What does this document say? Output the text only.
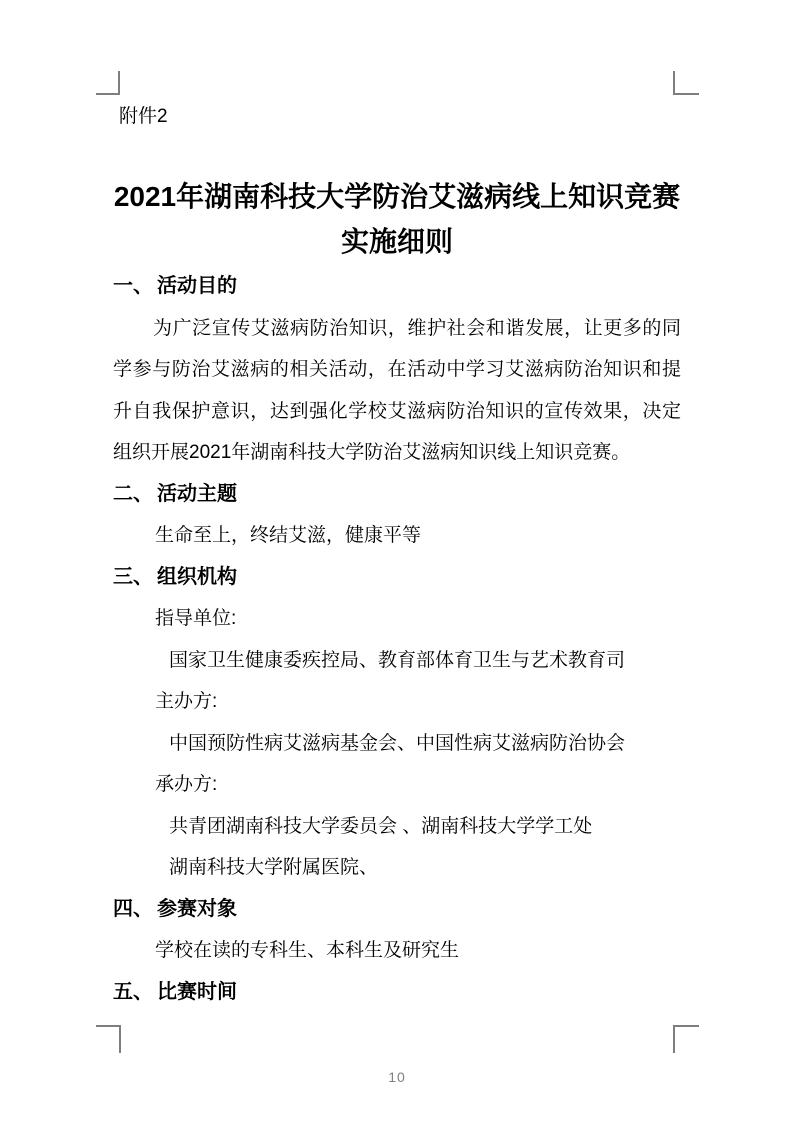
附件2
2021年湖南科技大学防治艾滋病线上知识竞赛
实施细则
一、 活动目的
为广泛宣传艾滋病防治知识，维护社会和谐发展，让更多的同学参与防治艾滋病的相关活动，在活动中学习艾滋病防治知识和提升自我保护意识，达到强化学校艾滋病防治知识的宣传效果，决定组织开展2021年湖南科技大学防治艾滋病知识线上知识竞赛。
二、 活动主题
生命至上，终结艾滋，健康平等
三、 组织机构
指导单位:
国家卫生健康委疾控局、教育部体育卫生与艺术教育司
主办方:
中国预防性病艾滋病基金会、中国性病艾滋病防治协会
承办方:
共青团湖南科技大学委员会 、湖南科技大学学工处
湖南科技大学附属医院、
四、 参赛对象
学校在读的专科生、本科生及研究生
五、 比赛时间
10
